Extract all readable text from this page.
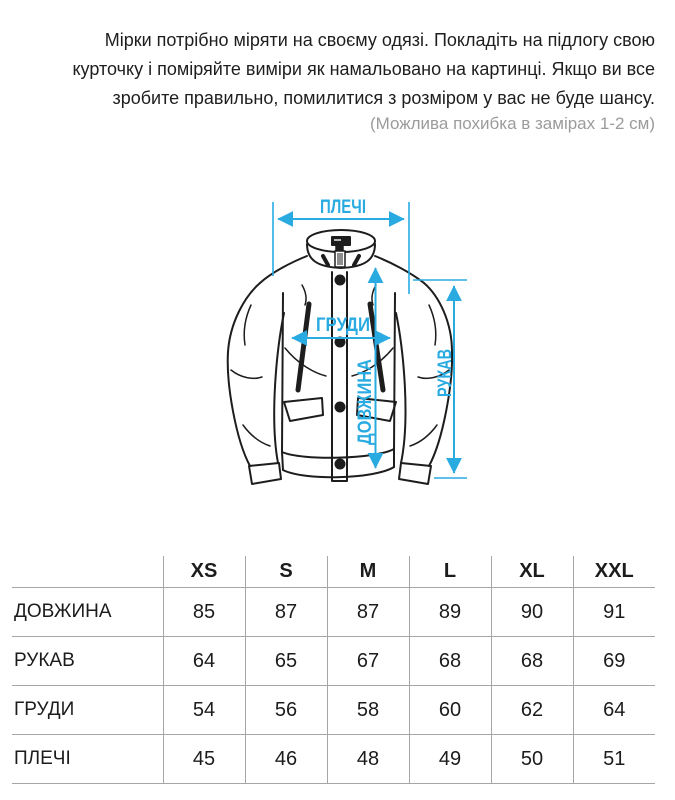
Мірки потрібно міряти на своєму одязі. Покладіть на підлогу свою курточку і поміряйте виміри як намальовано на картинці. Якщо ви все зробите правильно, помилитися з розміром у вас не буде шансу.
(Можлива похибка в замірах 1-2 см)
ПЛЕЧІ
ГРУДИ
ДОВЖИНА	РУКАВ
	XS	S	M	L	XL	XXL
ДОВЖИНА	85	87	87	89	90	91
РУКАВ	64	65	67	68	68	69
ГРУДИ	54	56	58	60	62	64
ПЛЕЧІ	45	46	48	49	50	51
